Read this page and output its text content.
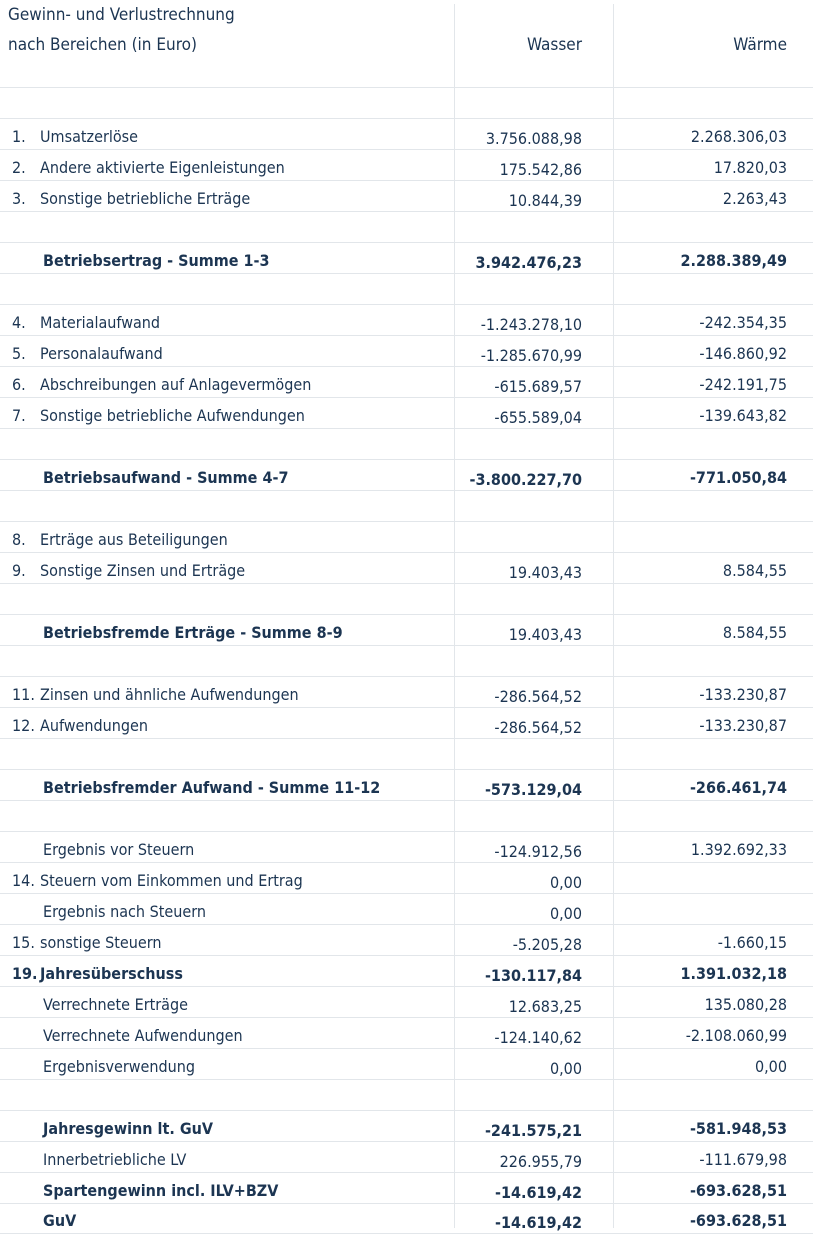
Gewinn- und Verlustrechnung
nach Bereichen (in Euro)	Wasser	Wärme
1. Umsatzerlöse	3.756.088,98	2.268.306,03
2. Andere aktivierte Eigenleistungen	175.542,86	17.820,03
3. Sonstige betriebliche Erträge	10.844,39	2.263,43
Betriebsertrag - Summe 1-3	3.942.476,23	2.288.389,49
4. Materialaufwand	-1.243.278,10	-242.354,35
5. Personalaufwand	-1.285.670,99	-146.860,92
6. Abschreibungen auf Anlagevermögen	-615.689,57	-242.191,75
7. Sonstige betriebliche Aufwendungen	-655.589,04	-139.643,82
Betriebsaufwand - Summe 4-7	-3.800.227,70	-771.050,84
8. Erträge aus Beteiligungen
9. Sonstige Zinsen und Erträge	19.403,43	8.584,55
Betriebsfremde Erträge - Summe 8-9	19.403,43	8.584,55
11. Zinsen und ähnliche Aufwendungen	-286.564,52	-133.230,87
12. Aufwendungen	-286.564,52	-133.230,87
Betriebsfremder Aufwand - Summe 11-12	-573.129,04	-266.461,74
Ergebnis vor Steuern	-124.912,56	1.392.692,33
14. Steuern vom Einkommen und Ertrag	0,00
Ergebnis nach Steuern	0,00
15. sonstige Steuern	-5.205,28	-1.660,15
19. Jahresüberschuss	-130.117,84	1.391.032,18
Verrechnete Erträge	12.683,25	135.080,28
Verrechnete Aufwendungen	-124.140,62	-2.108.060,99
Ergebnisverwendung	0,00	0,00
Jahresgewinn lt. GuV	-241.575,21	-581.948,53
Innerbetriebliche LV	226.955,79	-111.679,98
Spartengewinn incl. ILV+BZV	-14.619,42	-693.628,51
GuV	-14.619,42	-693.628,51
